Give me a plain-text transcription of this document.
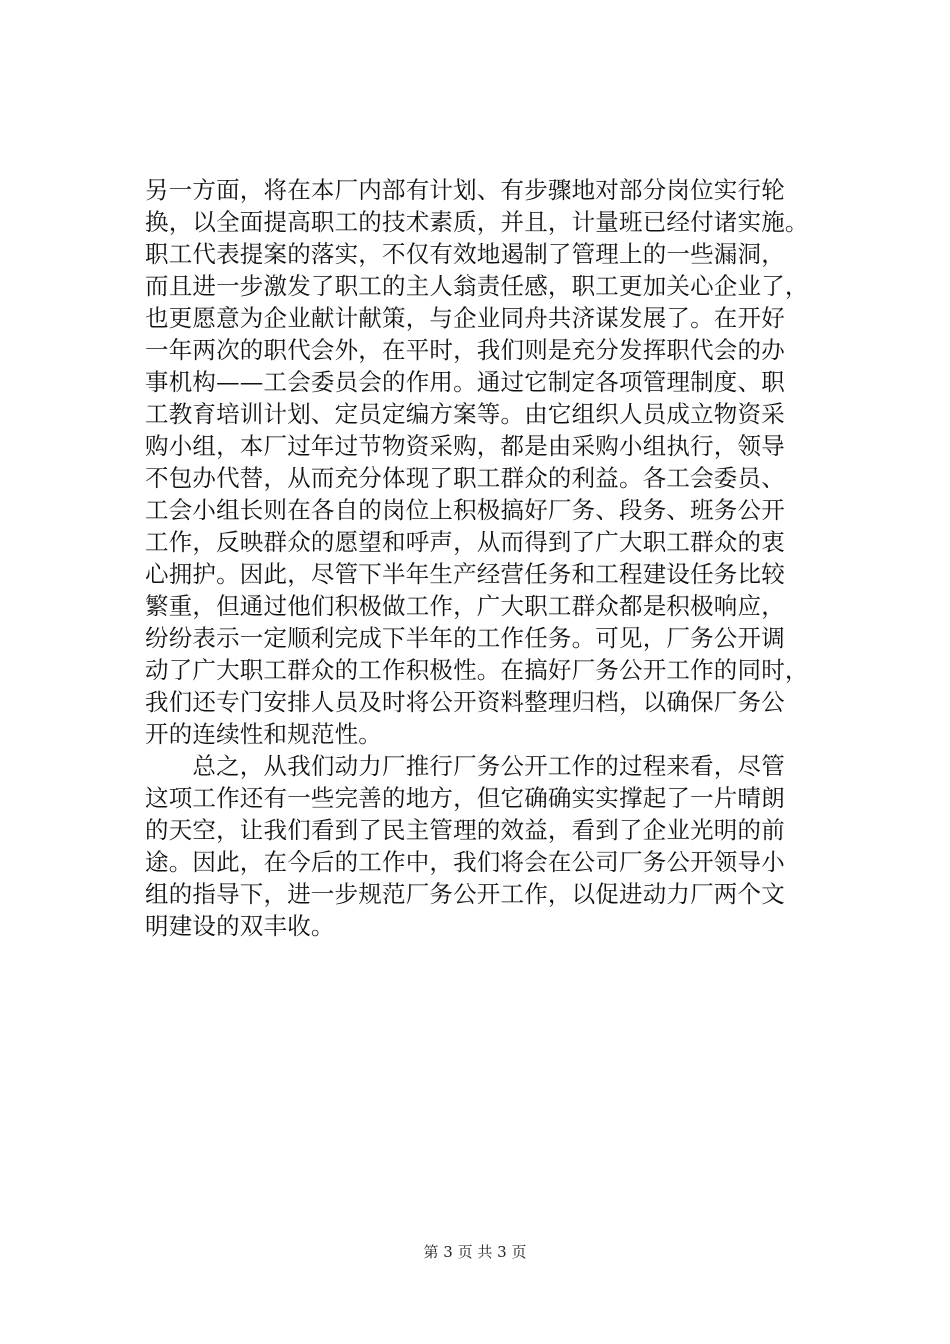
另一方面，将在本厂内部有计划、有步骤地对部分岗位实行轮
换，以全面提高职工的技术素质，并且，计量班已经付诸实施。
职工代表提案的落实，不仅有效地遏制了管理上的一些漏洞，
而且进一步激发了职工的主人翁责任感，职工更加关心企业了，
也更愿意为企业献计献策，与企业同舟共济谋发展了。在开好
一年两次的职代会外，在平时，我们则是充分发挥职代会的办
事机构——工会委员会的作用。通过它制定各项管理制度、职
工教育培训计划、定员定编方案等。由它组织人员成立物资采
购小组，本厂过年过节物资采购，都是由采购小组执行，领导
不包办代替，从而充分体现了职工群众的利益。各工会委员、
工会小组长则在各自的岗位上积极搞好厂务、段务、班务公开
工作，反映群众的愿望和呼声，从而得到了广大职工群众的衷
心拥护。因此，尽管下半年生产经营任务和工程建设任务比较
繁重，但通过他们积极做工作，广大职工群众都是积极响应，
纷纷表示一定顺利完成下半年的工作任务。可见，厂务公开调
动了广大职工群众的工作积极性。在搞好厂务公开工作的同时，
我们还专门安排人员及时将公开资料整理归档，以确保厂务公
开的连续性和规范性。
　　总之，从我们动力厂推行厂务公开工作的过程来看，尽管
这项工作还有一些完善的地方，但它确确实实撑起了一片晴朗
的天空，让我们看到了民主管理的效益，看到了企业光明的前
途。因此，在今后的工作中，我们将会在公司厂务公开领导小
组的指导下，进一步规范厂务公开工作，以促进动力厂两个文
明建设的双丰收。
第 3 页 共 3 页
